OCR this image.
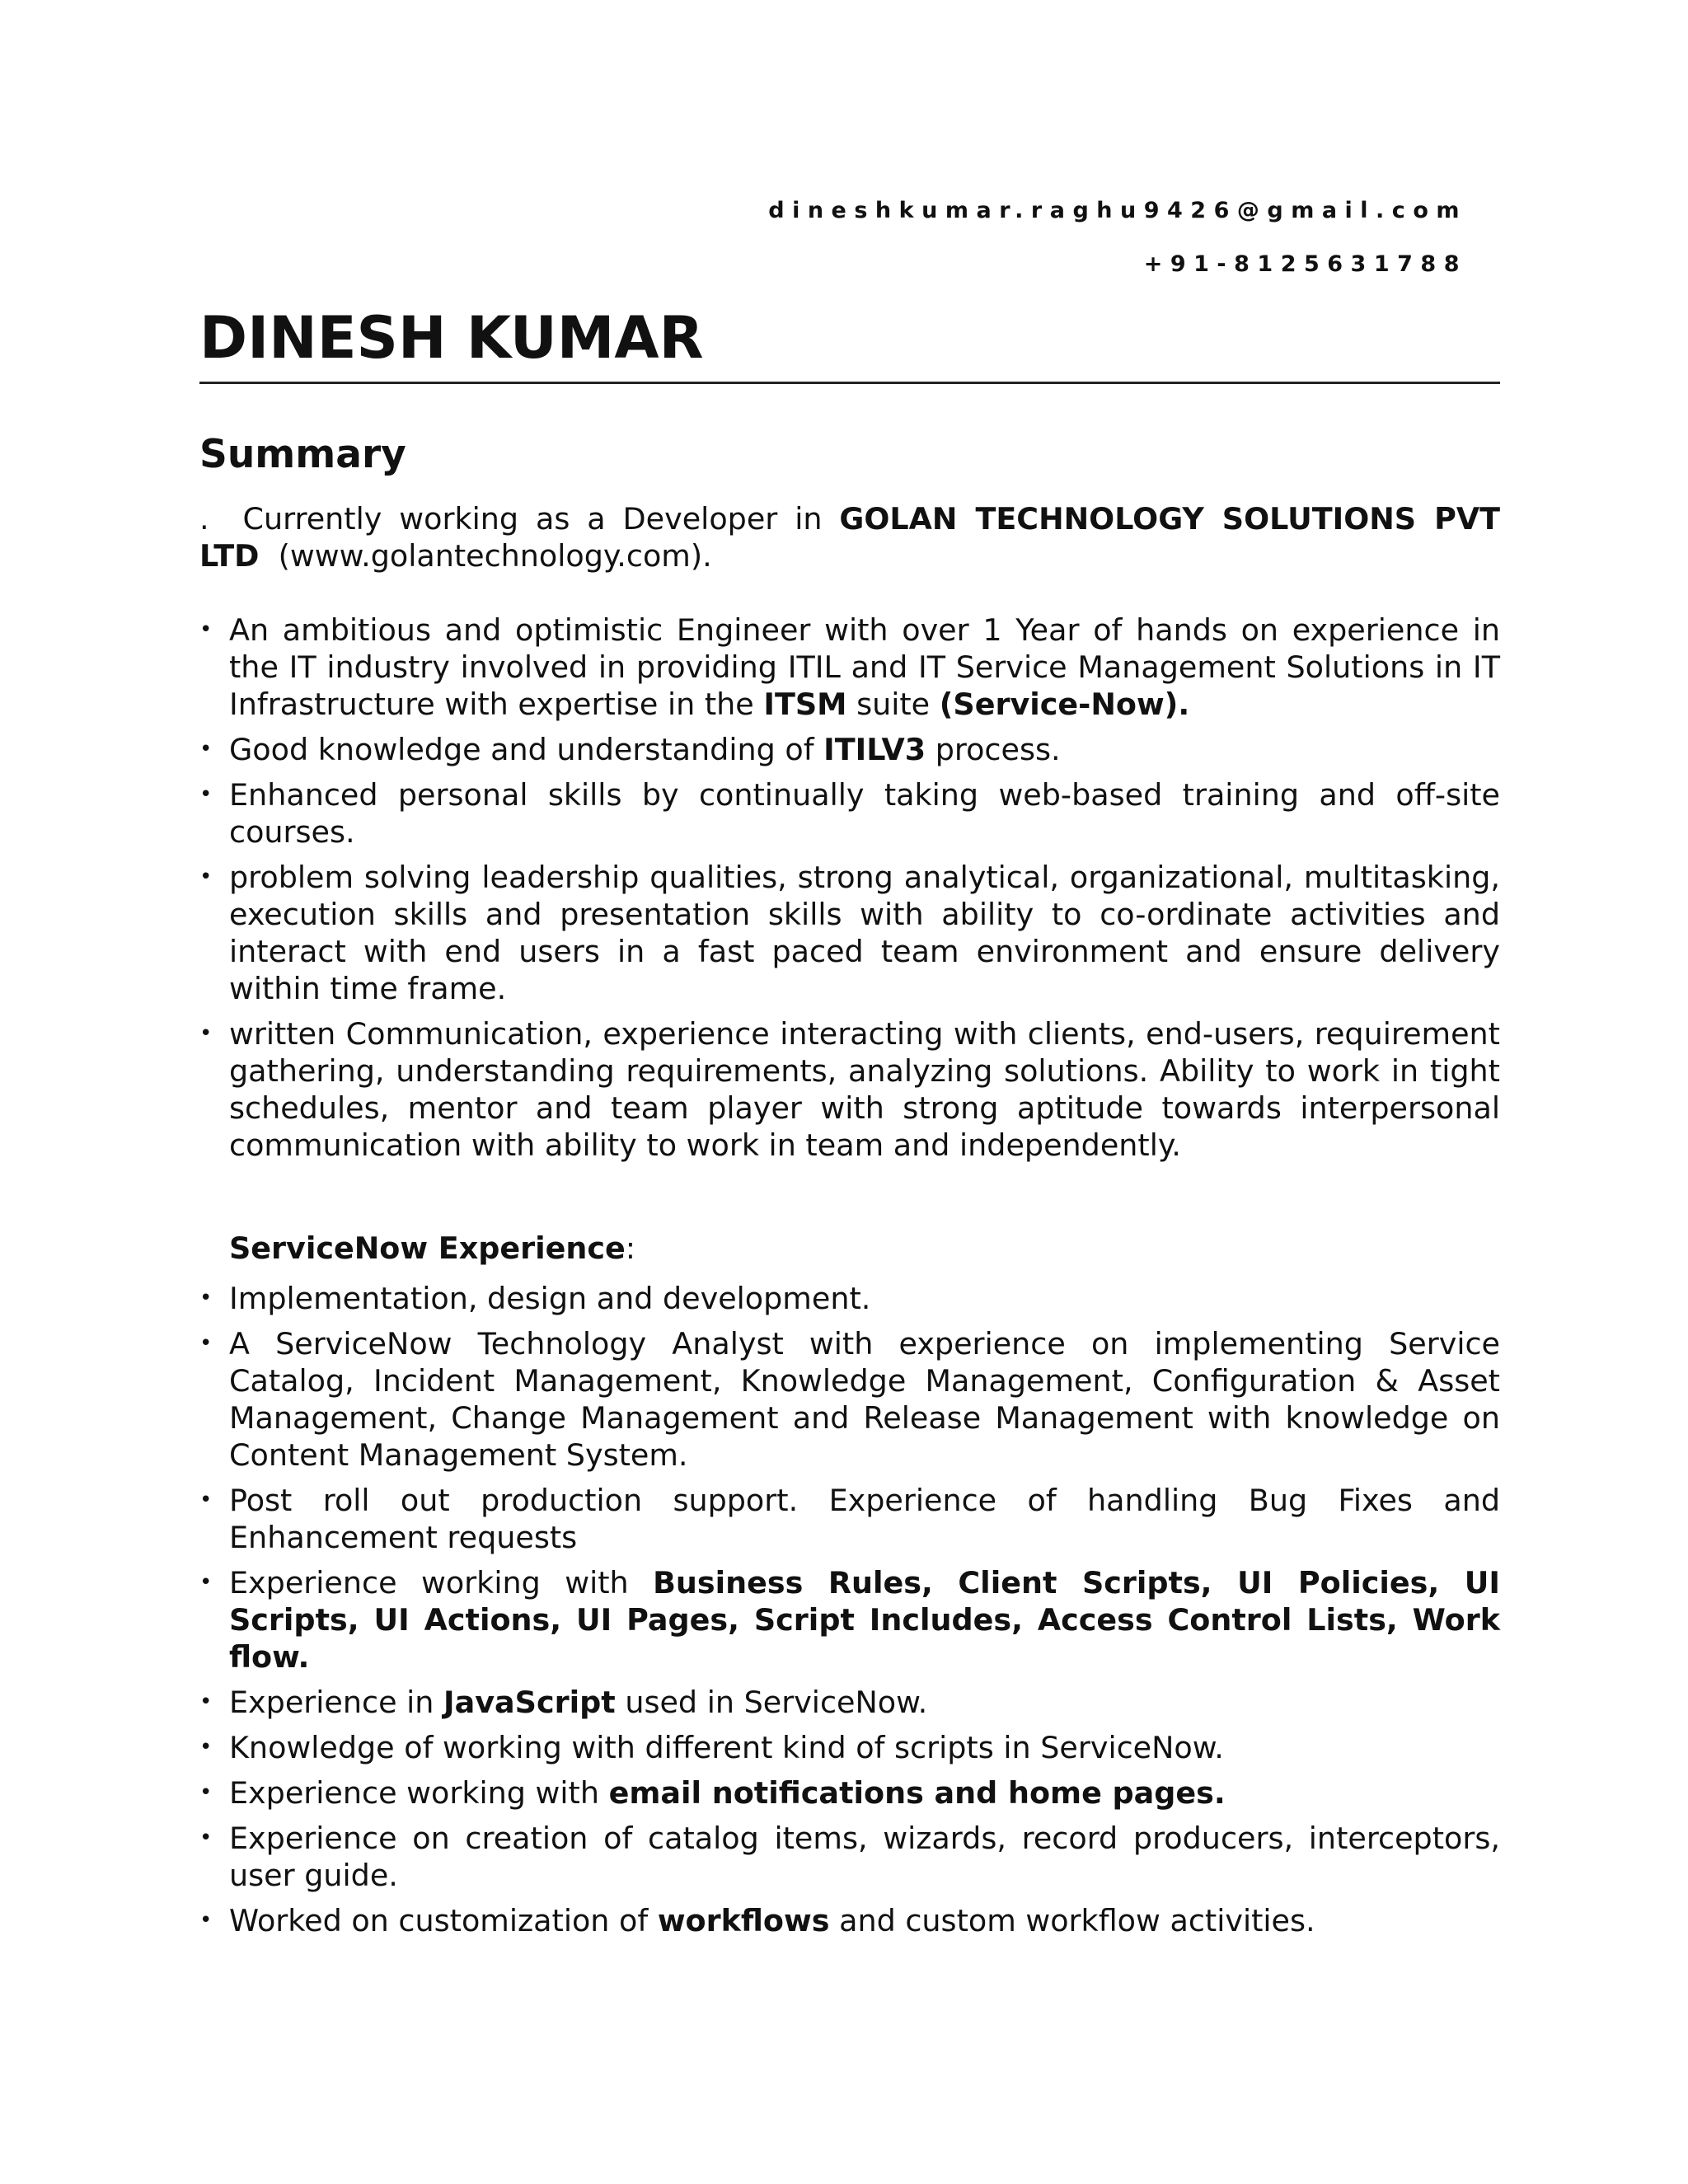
dineshkumar.raghu9426@gmail.com
+91-8125631788
DINESH KUMAR
Summary

. Currently working as a Developer in GOLAN TECHNOLOGY SOLUTIONS PVT
LTD (www.golantechnology.com).

• An ambitious and optimistic Engineer with over 1 Year of hands on experience in the IT industry involved in providing ITIL and IT Service Management Solutions in IT Infrastructure with expertise in the ITSM suite (Service-Now).
• Good knowledge and understanding of ITILV3 process.
• Enhanced personal skills by continually taking web-based training and off-site courses.
• problem solving leadership qualities, strong analytical, organizational, multitasking, execution skills and presentation skills with ability to co-ordinate activities and interact with end users in a fast paced team environment and ensure delivery within time frame.
• written Communication, experience interacting with clients, end-users, requirement gathering, understanding requirements, analyzing solutions. Ability to work in tight schedules, mentor and team player with strong aptitude towards interpersonal communication with ability to work in team and independently.

ServiceNow Experience:

• Implementation, design and development.
• A ServiceNow Technology Analyst with experience on implementing Service Catalog, Incident Management, Knowledge Management, Configuration & Asset Management, Change Management and Release Management with knowledge on Content Management System.
• Post roll out production support. Experience of handling Bug Fixes and Enhancement requests
• Experience working with Business Rules, Client Scripts, UI Policies, UI Scripts, UI Actions, UI Pages, Script Includes, Access Control Lists, Work flow.
• Experience in JavaScript used in ServiceNow.
• Knowledge of working with different kind of scripts in ServiceNow.
• Experience working with email notifications and home pages.
• Experience on creation of catalog items, wizards, record producers, interceptors, user guide.
• Worked on customization of workflows and custom workflow activities.
